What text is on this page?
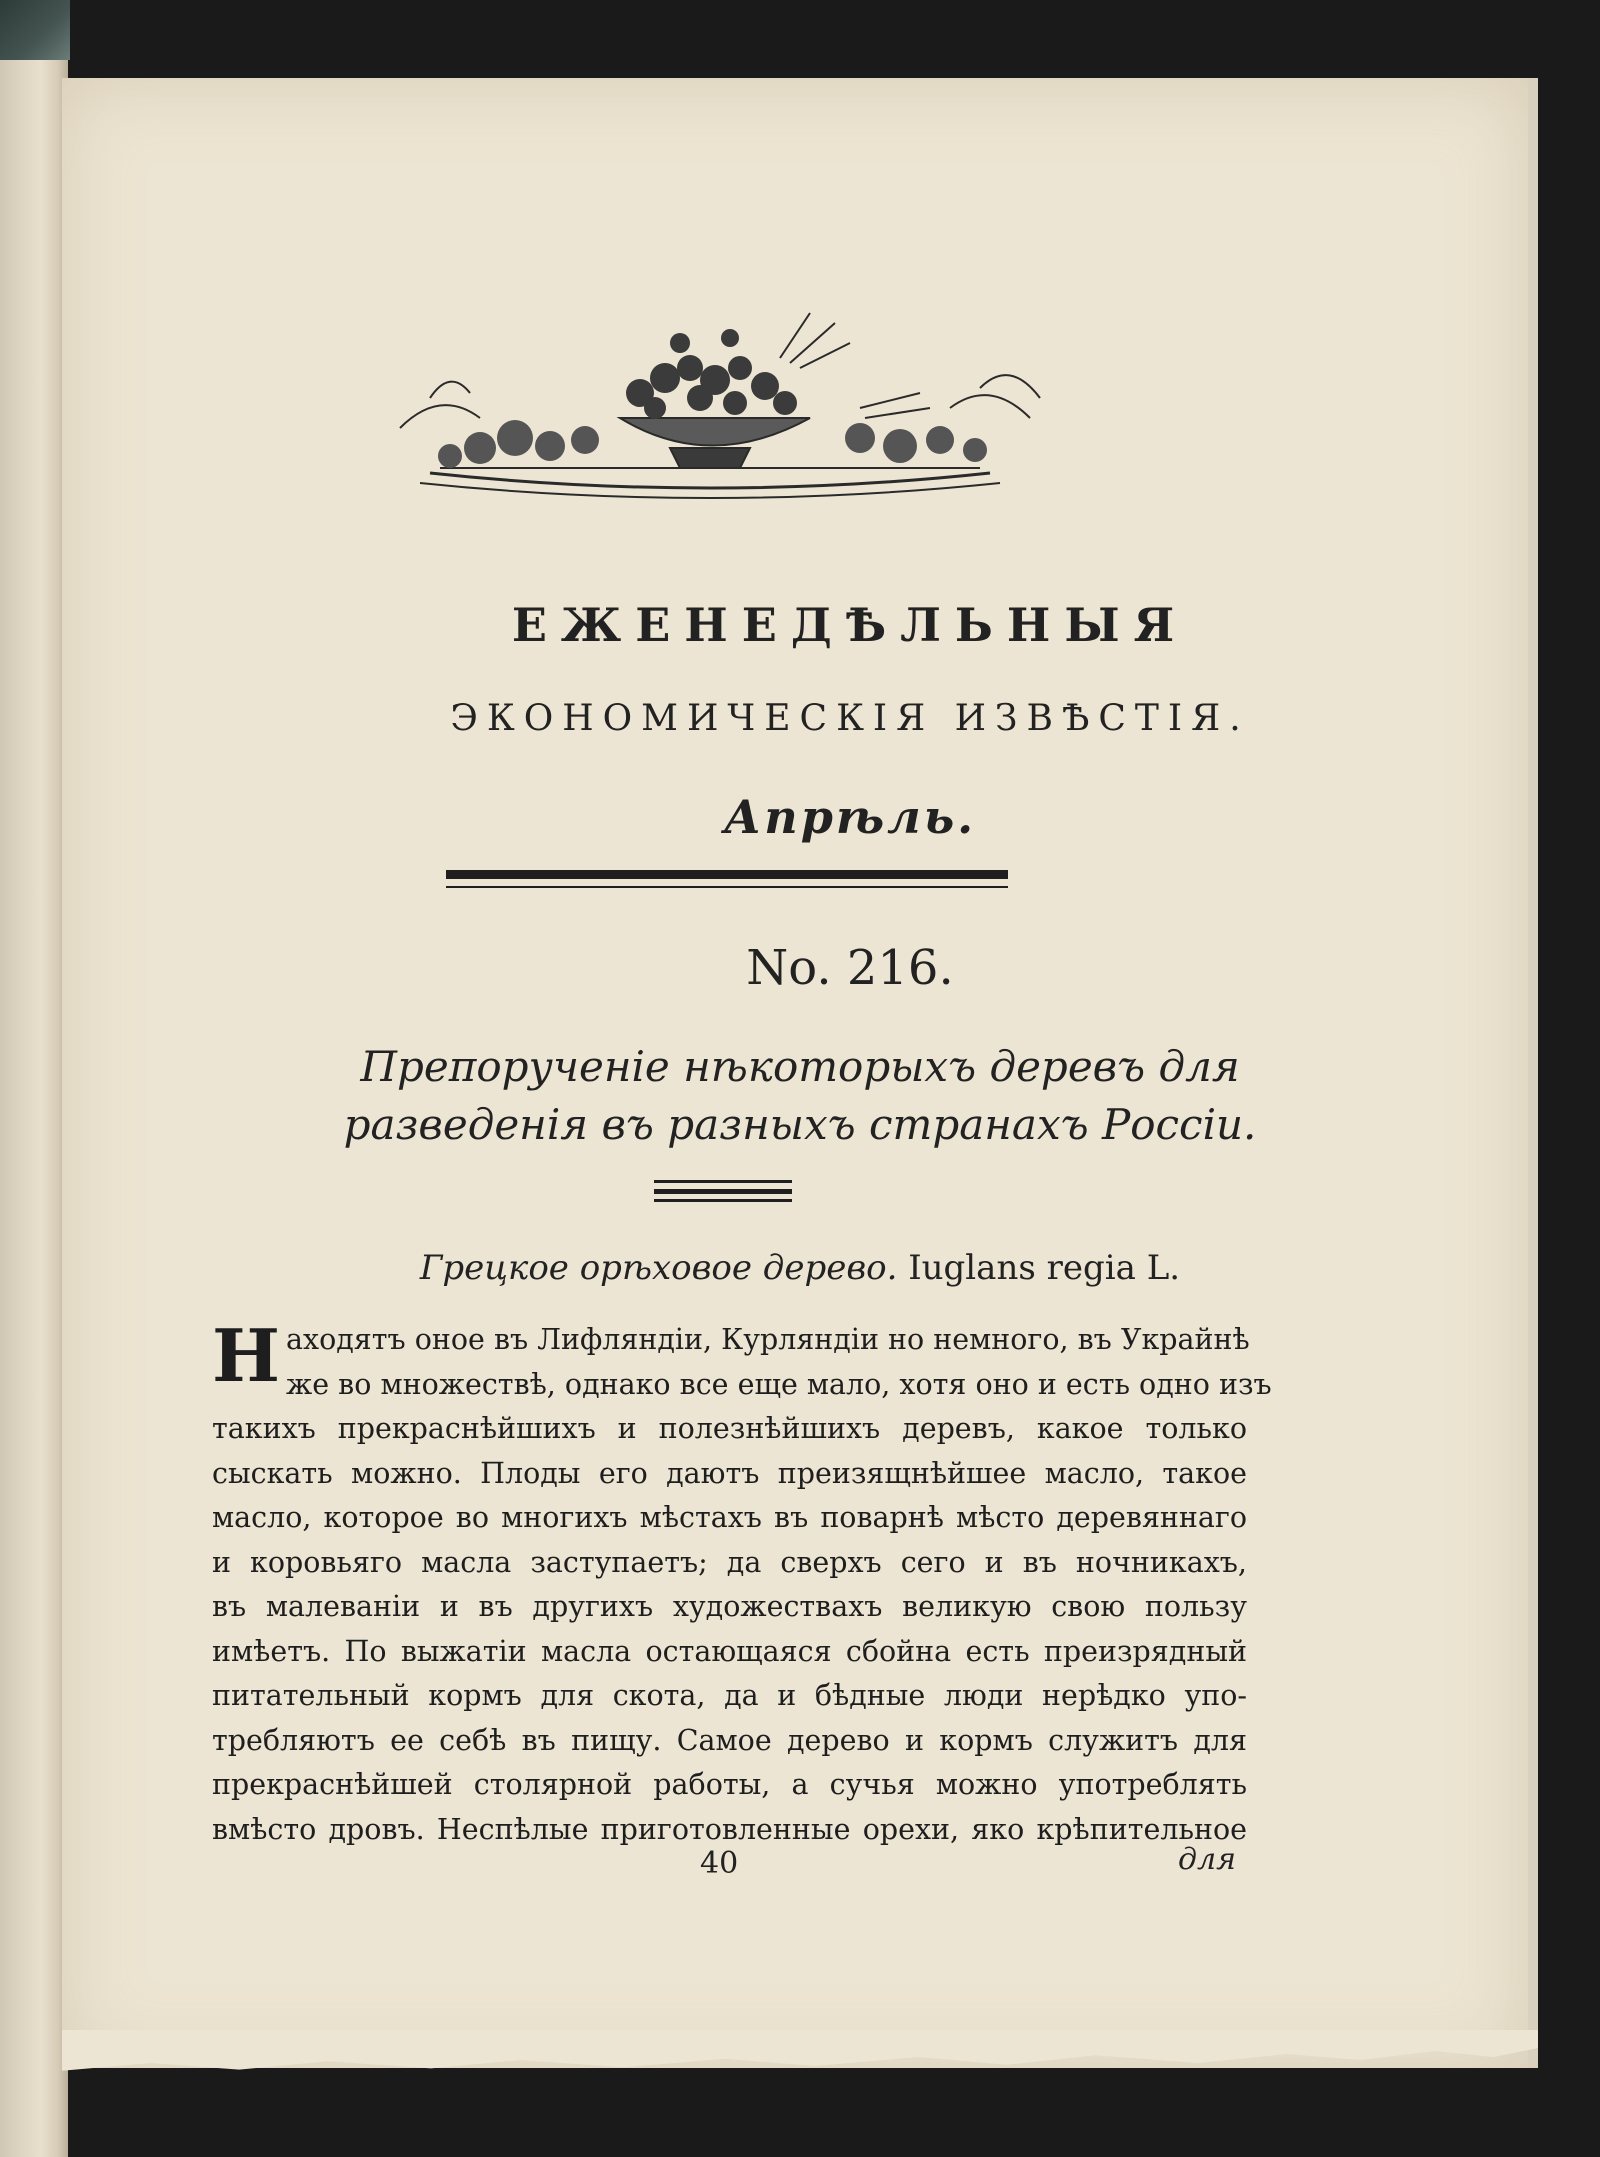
ЕЖЕНЕДѢЛЬНЫЯ
ЭКОНОМИЧЕСКІЯ ИЗВѢСТІЯ.
Апрѣль.
No. 216.
Преπорученіе нѣкоторыхъ деревъ для разведенія въ разныхъ странахъ Россіи.
Грецкое орѣховое дерево. Iuglans regia L.
Н аходятъ оное въ Лифляндіи, Курляндіи но немного, въ Украйнѣ
же во множествѣ, однако все еще мало, хотя оно и есть одно изъ
такихъ прекраснѣйшихъ и полезнѣйшихъ деревъ, какое только
сыскать можно. Плоды его даютъ преизящнѣйшее масло, такое
масло, которое во многихъ мѣстахъ въ поварнѣ мѣсто деревяннаго
и коровьяго масла заступаетъ; да сверхъ сего и въ ночникахъ,
въ малеваніи и въ другихъ художествахъ великую свою пользу
имѣетъ. По выжатіи масла остающаяся сбойна есть преизрядный
питательный кормъ для скота, да и бѣдные люди нерѣдко упо-
требляютъ ее себѣ въ пищу. Самое дерево и кормъ служитъ для
прекраснѣйшей столярной работы, а сучья можно употреблять
вмѣсто дровъ. Неспѣлые приготовленные орехи, яко крѣпительное
40	для
